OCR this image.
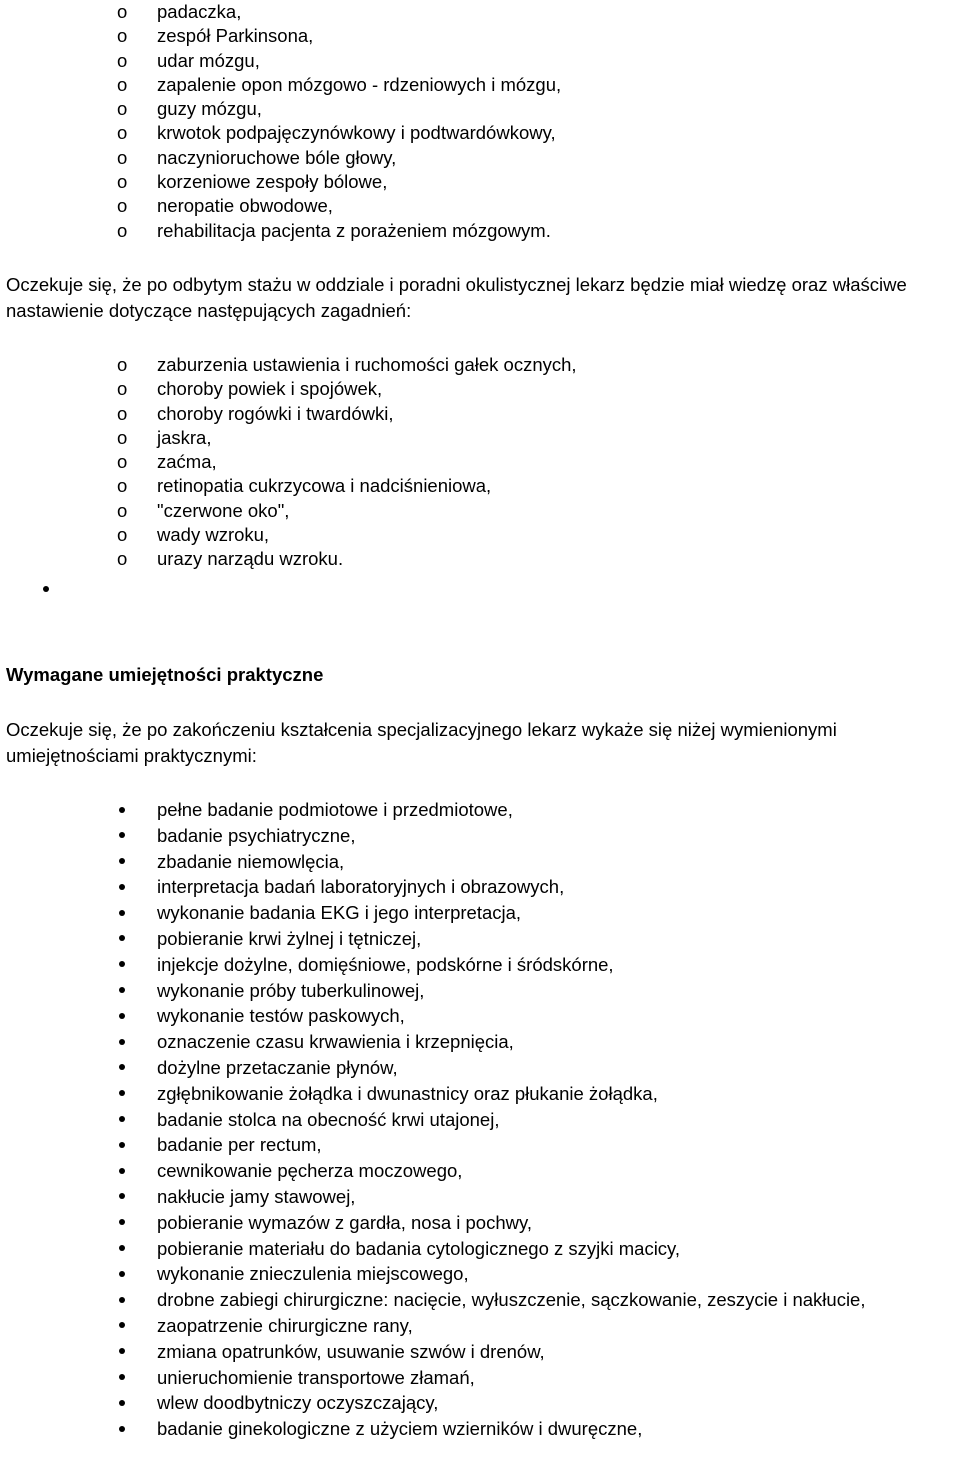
o padaczka,
o zespół Parkinsona,
o udar mózgu,
o zapalenie opon mózgowo - rdzeniowych i mózgu,
o guzy mózgu,
o krwotok podpajęczynówkowy i podtwardówkowy,
o naczynioruchowe bóle głowy,
o korzeniowe zespoły bólowe,
o neropatie obwodowe,
o rehabilitacja pacjenta z porażeniem mózgowym.

Oczekuje się, że po odbytym stażu w oddziale i poradni okulistycznej lekarz będzie miał wiedzę oraz właściwe nastawienie dotyczące następujących zagadnień:

o zaburzenia ustawienia i ruchomości gałek ocznych,
o choroby powiek i spojówek,
o choroby rogówki i twardówki,
o jaskra,
o zaćma,
o retinopatia cukrzycowa i nadciśnieniowa,
o "czerwone oko",
o wady wzroku,
o urazy narządu wzroku.
Wymagane umiejętności praktyczne

Oczekuje się, że po zakończeniu kształcenia specjalizacyjnego lekarz wykaże się niżej wymienionymi umiejętnościami praktycznymi:

pełne badanie podmiotowe i przedmiotowe,
badanie psychiatryczne,
zbadanie niemowlęcia,
interpretacja badań laboratoryjnych i obrazowych,
wykonanie badania EKG i jego interpretacja,
pobieranie krwi żylnej i tętniczej,
injekcje dożylne, domięśniowe, podskórne i śródskórne,
wykonanie próby tuberkulinowej,
wykonanie testów paskowych,
oznaczenie czasu krwawienia i krzepnięcia,
dożylne przetaczanie płynów,
zgłębnikowanie żołądka i dwunastnicy oraz płukanie żołądka,
badanie stolca na obecność krwi utajonej,
badanie per rectum,
cewnikowanie pęcherza moczowego,
nakłucie jamy stawowej,
pobieranie wymazów z gardła, nosa i pochwy,
pobieranie materiału do badania cytologicznego z szyjki macicy,
wykonanie znieczulenia miejscowego,
drobne zabiegi chirurgiczne: nacięcie, wyłuszczenie, sączkowanie, zeszycie i nakłucie,
zaopatrzenie chirurgiczne rany,
zmiana opatrunków, usuwanie szwów i drenów,
unieruchomienie transportowe złamań,
wlew doodbytniczy oczyszczający,
badanie ginekologiczne z użyciem wzierników i dwuręczne,
